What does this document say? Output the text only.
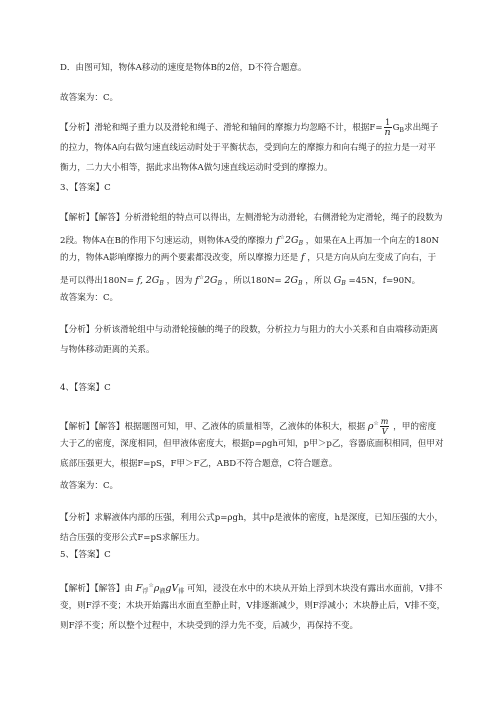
D．由图可知，物体A移动的速度是物体B的2倍，D不符合题意。
故答案为：C。
【分析】滑轮和绳子重力以及滑轮和绳子、滑轮和轴间的摩擦力均忽略不计，根据$F= \frac{1}{n} G_B$求出绳子
的拉力，物体A向右做匀速直线运动时处于平衡状态，受到向左的摩擦力和向右绳子的拉力是一对平
衡力，二力大小相等，据此求出物体A做匀速直线运动时受到的摩擦力。
3、【答案】C
【解析】【解答】分析滑轮组的特点可以得出，左侧滑轮为动滑轮，右侧滑轮为定滑轮，绳子的段数为
2段。物体A在B的作用下匀速运动，则物体A受的摩擦力 $f^☆2G_B$ ，如果在A上再加一个向左的180N
的力，物体A影响摩擦力的两个要素都没改变，所以摩擦力还是 f ，只是方向从向左变成了向右，于
是可以得出180N= f, $2G_B$ ，因为 $f^☆2G_B$ ，所以$180N= 2G_B$ ，所以 $G_B =45N$，f=90N。
故答案为：C。
【分析】分析该滑轮组中与动滑轮接触的绳子的段数，分析拉力与阻力的大小关系和自由端移动距离
与物体移动距离的关系。
4、【答案】C
【解析】【解答】根据题图可知，甲、乙液体的质量相等，乙液体的体积大，根据 $\rho^☆ \frac{m}{V}$ ，甲的密度
大于乙的密度，深度相同，但甲液体密度大，根据p=ρgh可知，p甲＞p乙，容器底面积相同，但甲对
底部压强更大，根据F=pS，F甲＞F乙，ABD不符合题意，C符合题意。
故答案为：C。
【分析】求解液体内部的压强，利用公式p=ρgh，其中ρ是液体的密度，h是深度，已知压强的大小，
结合压强的变形公式F=pS求解压力。
5、【答案】C
【解析】【解答】由 $F_浮^☆\rho_液gV_排$ 可知，浸没在水中的木块从开始上浮到木块没有露出水面前，V排不
变，则F浮不变；木块开始露出水面直至静止时，V排逐渐减少，则F浮减小；木块静止后，V排不变，
则F浮不变；所以整个过程中，木块受到的浮力先不变，后减少，再保持不变。
